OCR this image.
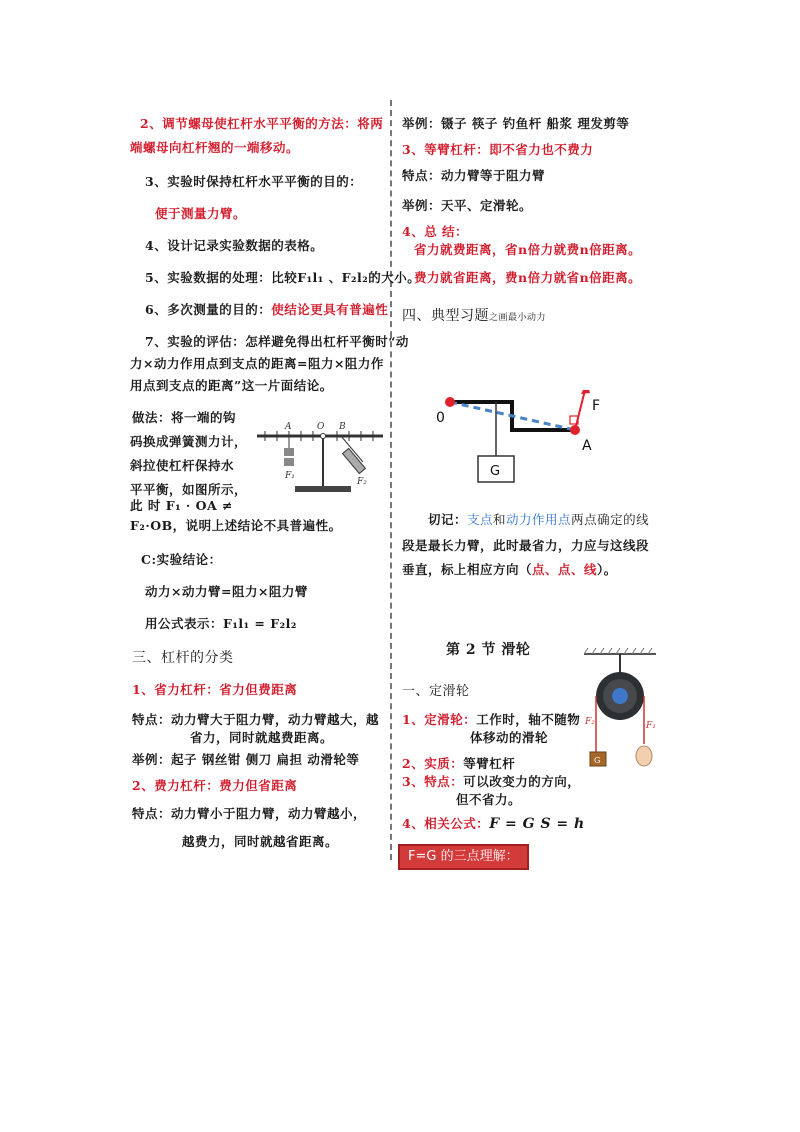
2、调节螺母使杠杆水平平衡的方法：将两
端螺母向杠杆翘的一端移动。
3、实验时保持杠杆水平平衡的目的：
便于测量力臂。
4、设计记录实验数据的表格。
5、实验数据的处理：比较F₁l₁ 、F₂l₂的大小。
6、多次测量的目的：使结论更具有普遍性
7、实验的评估：怎样避免得出杠杆平衡时“动
力×动力作用点到支点的距离=阻力×阻力作
用点到支点的距离”这一片面结论。
做法：将一端的钩
码换成弹簧测力计，
斜拉使杠杆保持水
平平衡，如图所示，
此 时 F₁ · OA ≠
F₂·OB，说明上述结论不具普遍性。
A	O B
F₁
F₂
C:实验结论：
动力×动力臂=阻力×阻力臂
用公式表示：F₁l₁ = F₂l₂
三、杠杆的分类
1、省力杠杆：省力但费距离
特点：动力臂大于阻力臂，动力臂越大，越
省力，同时就越费距离。
举例：起子 钢丝钳 侧刀 扁担 动滑轮等
2、费力杠杆：费力但省距离
特点：动力臂小于阻力臂，动力臂越小，
越费力，同时就越省距离。
举例：镊子 筷子 钓鱼杆 船浆 理发剪等
3、等臂杠杆：即不省力也不费力
特点：动力臂等于阻力臂
举例：天平、定滑轮。
4、总 结：
省力就费距离，省n倍力就费n倍距离。
费力就省距离，费n倍力就省n倍距离。
四、典型习题之画最小动力
0
F
A
G
切记：支点和动力作用点两点确定的线
段是最长力臂，此时最省力，力应与这线段
垂直，标上相应方向（点、点、线）。
第 2 节 滑轮
一、定滑轮
1、定滑轮：工作时，轴不随物
体移动的滑轮
2、实质：等臂杠杆
3、特点：可以改变力的方向，
但不省力。
4、相关公式：F = G S = h
F₂	F₁
G
F=G 的三点理解：
